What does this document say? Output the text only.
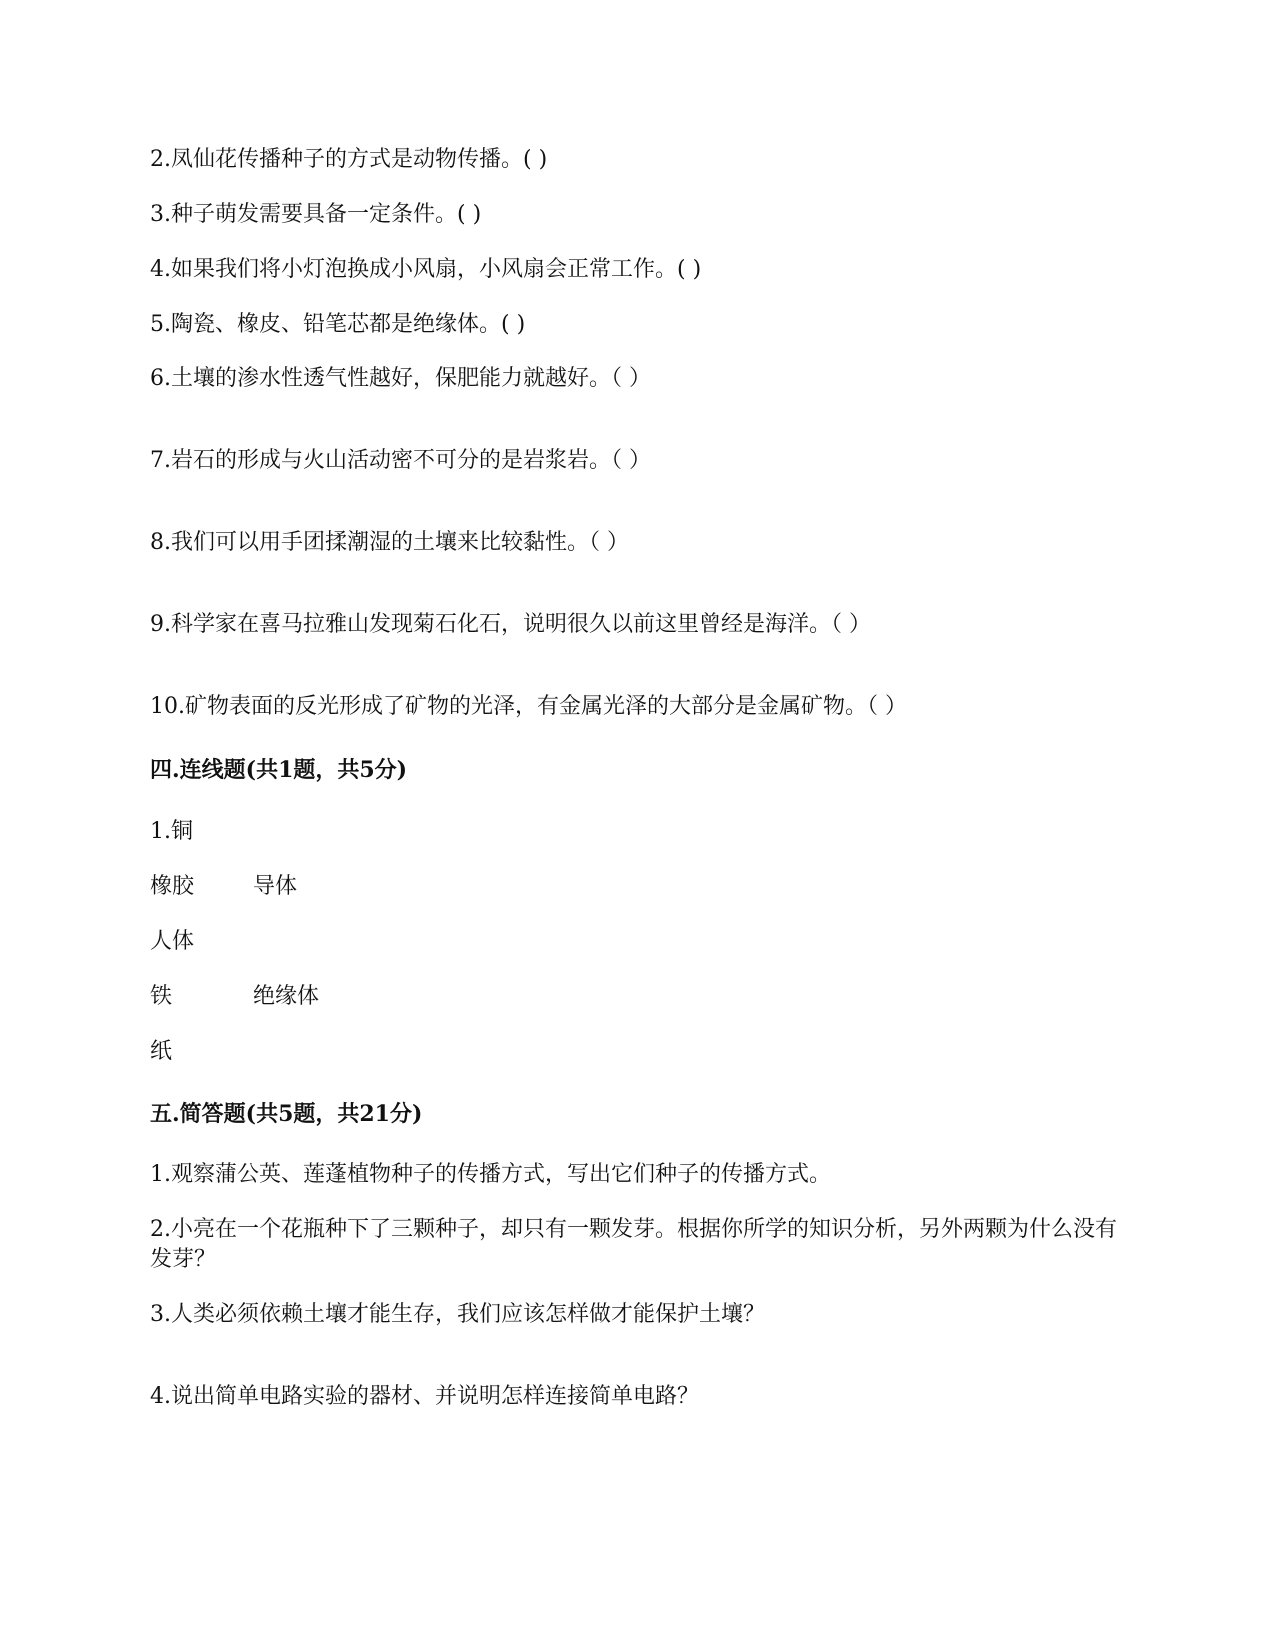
2.凤仙花传播种子的方式是动物传播。( )
3.种子萌发需要具备一定条件。( )
4.如果我们将小灯泡换成小风扇，小风扇会正常工作。( )
5.陶瓷、橡皮、铅笔芯都是绝缘体。( )
6.土壤的渗水性透气性越好，保肥能力就越好。（ ）
7.岩石的形成与火山活动密不可分的是岩浆岩。（ ）
8.我们可以用手团揉潮湿的土壤来比较黏性。（ ）
9.科学家在喜马拉雅山发现菊石化石，说明很久以前这里曾经是海洋。（ ）
10.矿物表面的反光形成了矿物的光泽，有金属光泽的大部分是金属矿物。（ ）
四.连线题(共1题，共5分)
1.铜
橡胶	导体
人体
铁	绝缘体
纸
五.简答题(共5题，共21分)
1.观察蒲公英、莲蓬植物种子的传播方式，写出它们种子的传播方式。
2.小亮在一个花瓶种下了三颗种子，却只有一颗发芽。根据你所学的知识分析，另外两颗为什么没有发芽？
3.人类必须依赖土壤才能生存，我们应该怎样做才能保护土壤？
4.说出简单电路实验的器材、并说明怎样连接简单电路？
